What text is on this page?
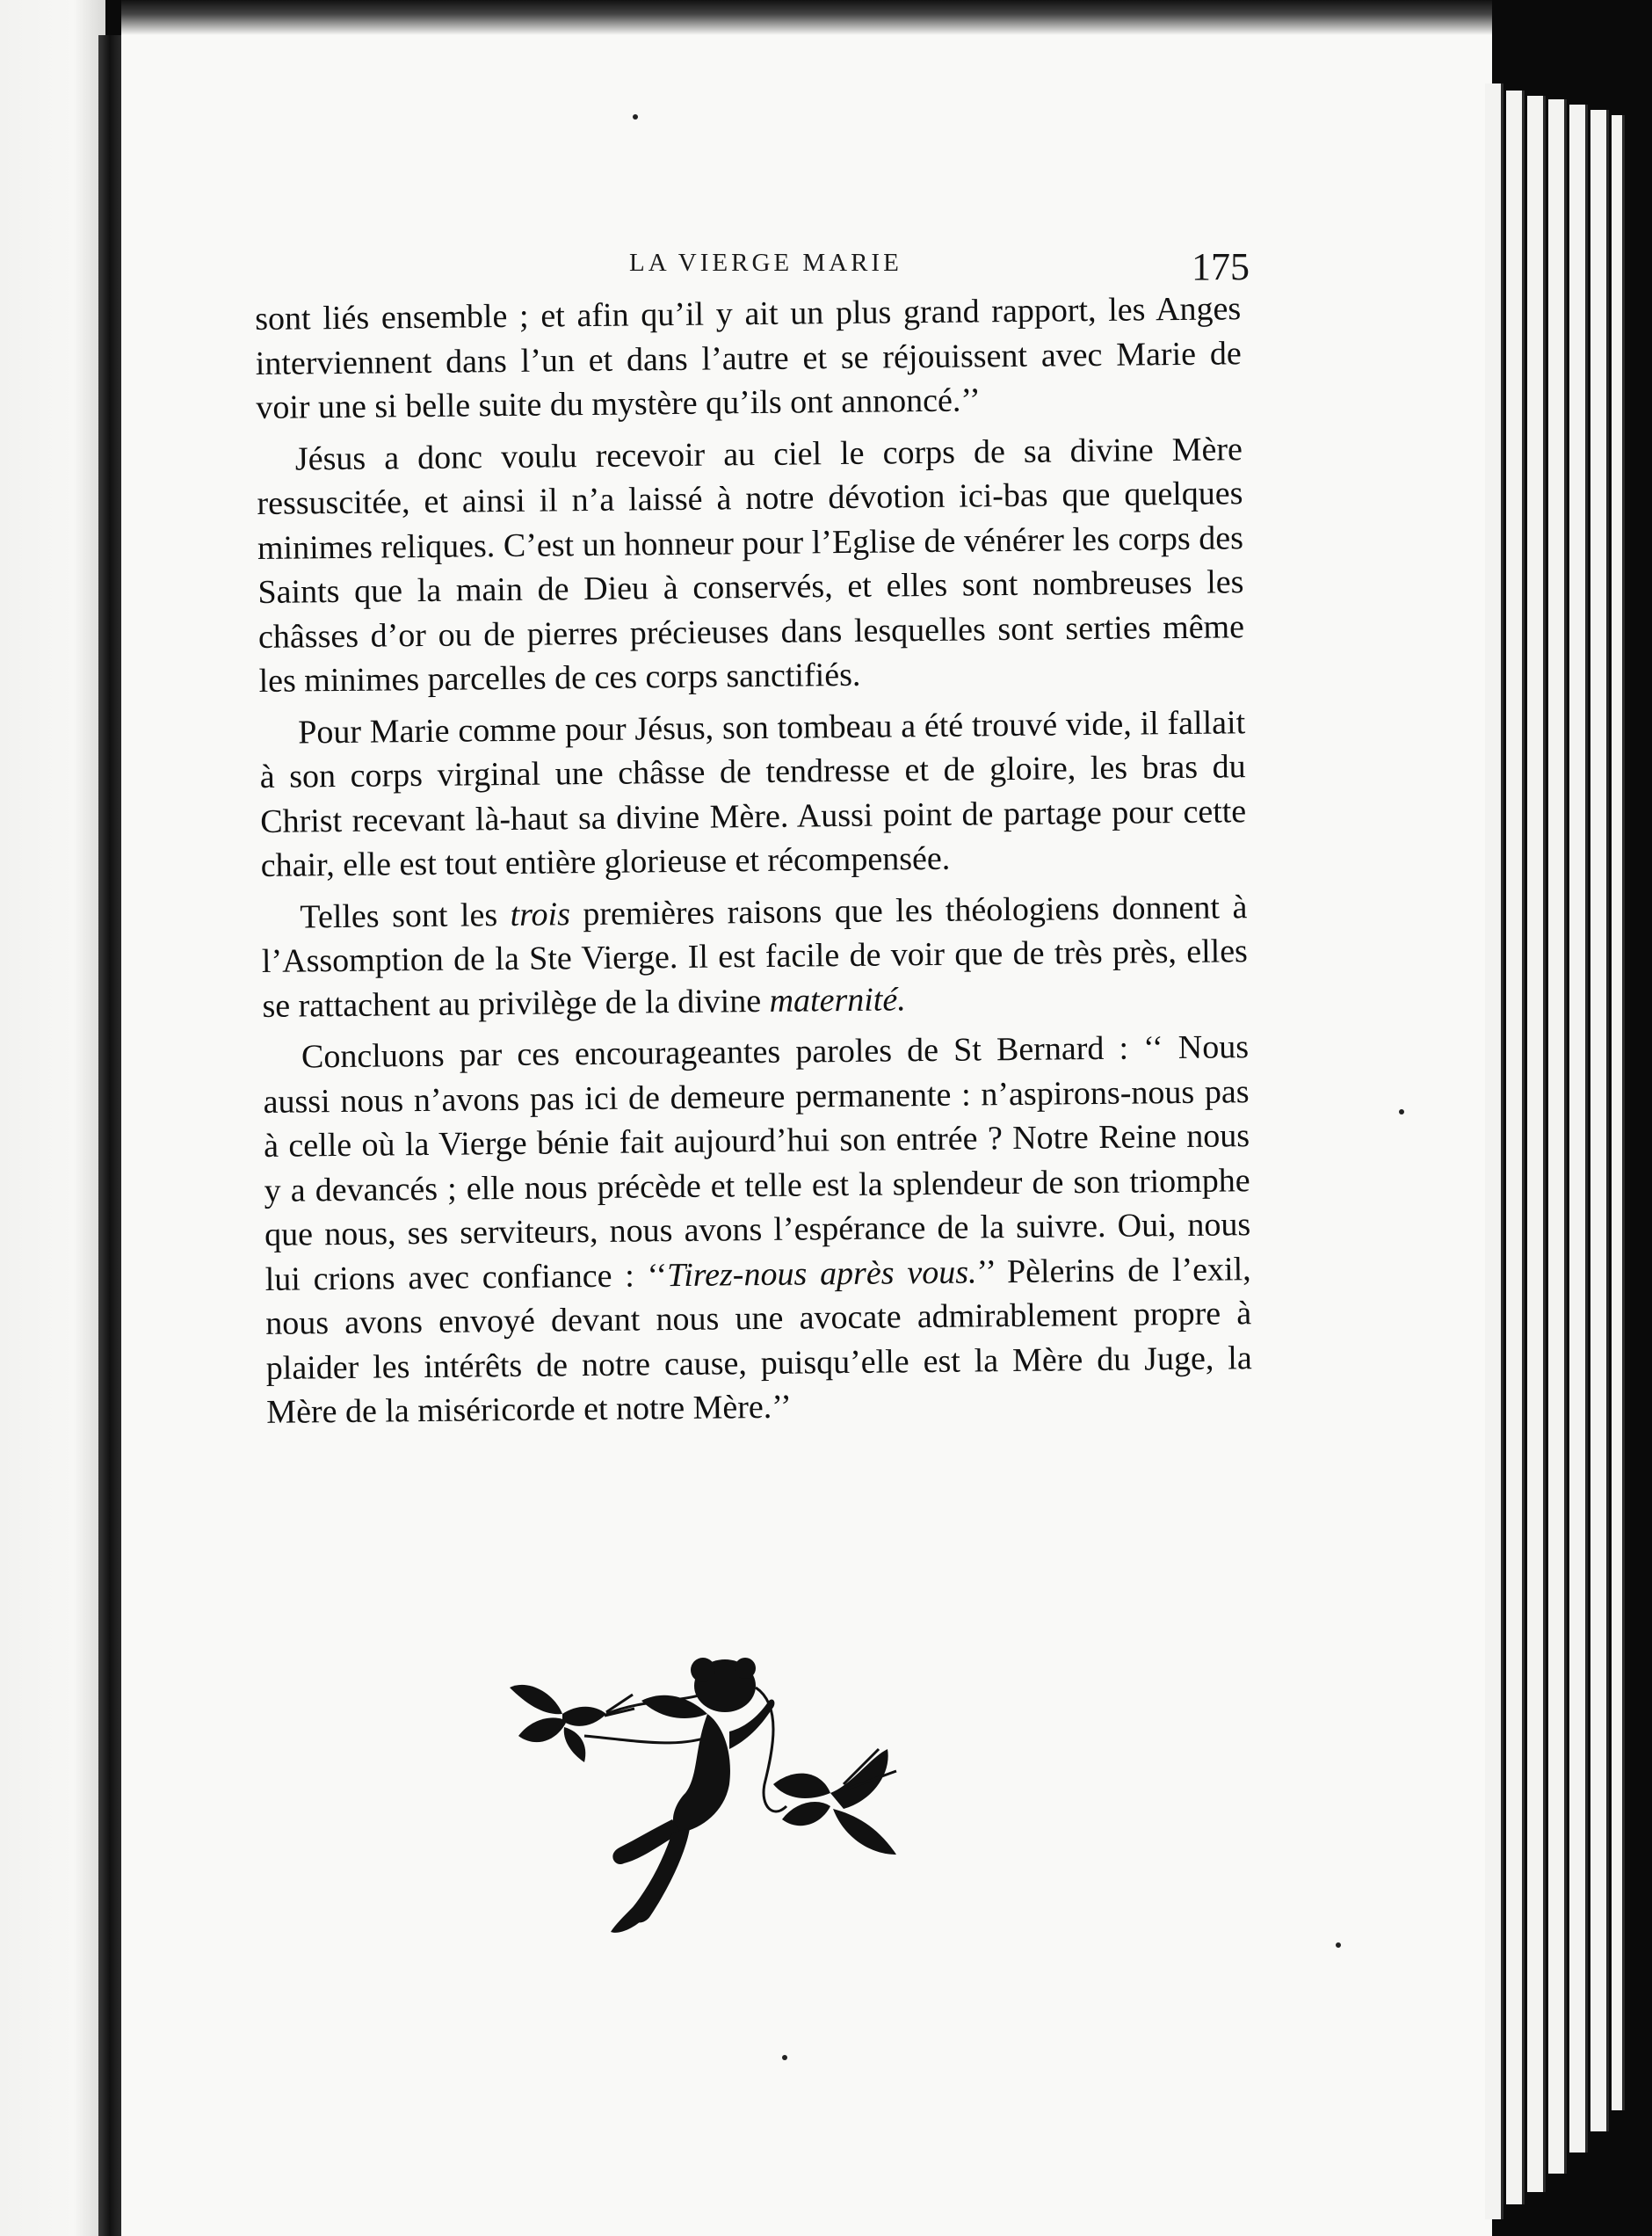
LA VIERGE MARIE	175

sont liés ensemble ; et afin qu’il y ait un plus grand rapport, les Anges interviennent dans l’un et dans l’autre et se réjouissent avec Marie de voir une si belle suite du mystère qu’ils ont annoncé.’’

Jésus a donc voulu recevoir au ciel le corps de sa divine Mère ressuscitée, et ainsi il n’a laissé à notre dévotion ici-bas que quelques minimes reliques. C’est un honneur pour l’Eglise de vénérer les corps des Saints que la main de Dieu à conservés, et elles sont nombreuses les châsses d’or ou de pierres précieuses dans lesquelles sont serties même les minimes parcelles de ces corps sanctifiés.

Pour Marie comme pour Jésus, son tombeau a été trouvé vide, il fallait à son corps virginal une châsse de tendresse et de gloire, les bras du Christ recevant là-haut sa divine Mère. Aussi point de partage pour cette chair, elle est tout entière glorieuse et récompensée.

Telles sont les trois premières raisons que les théologiens donnent à l’Assomption de la Ste Vierge. Il est facile de voir que de très près, elles se rattachent au privilège de la divine maternité.

Concluons par ces encourageantes paroles de St Bernard : ‘‘ Nous aussi nous n’avons pas ici de demeure permanente : n’aspirons-nous pas à celle où la Vierge bénie fait aujourd’hui son entrée ? Notre Reine nous y a devancés ; elle nous précède et telle est la splendeur de son triomphe que nous, ses serviteurs, nous avons l’espérance de la suivre. Oui, nous lui crions avec confiance : ‘‘Tirez-nous après vous.’’ Pèlerins de l’exil, nous avons envoyé devant nous une avocate admirablement propre à plaider les intérêts de notre cause, puisqu’elle est la Mère du Juge, la Mère de la miséricorde et notre Mère.’’
